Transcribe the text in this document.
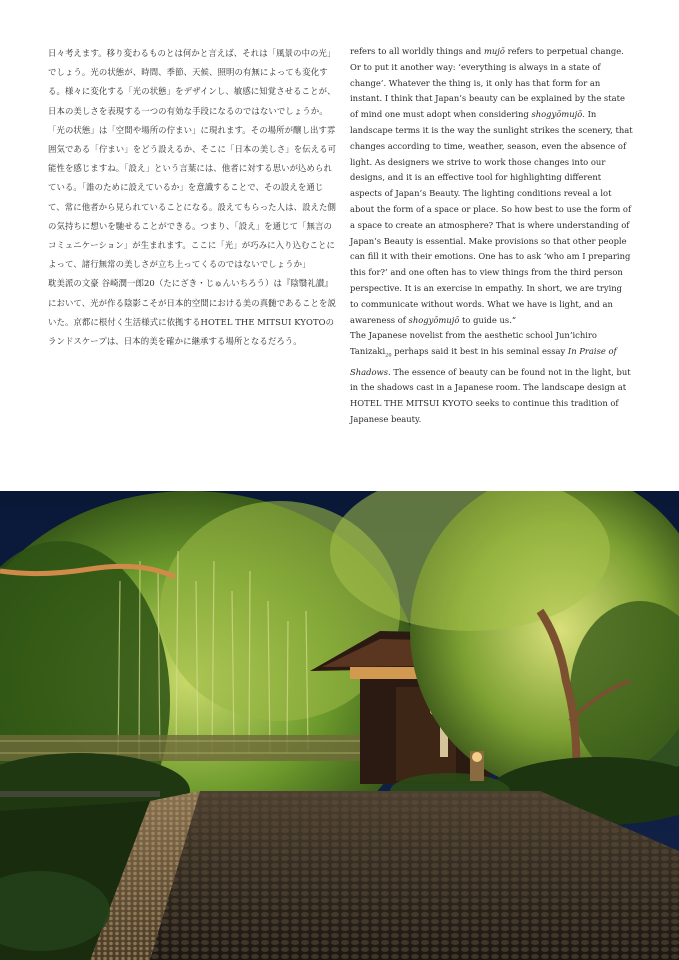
日々考えます。移り変わるものとは何かと言えば、それは「風景の中の光」でしょう。光の状態が、時間、季節、天候、照明の有無によっても変化する。様々に変化する「光の状態」をデザインし、敏感に知覚させることが、日本の美しさを表現する一つの有効な手段になるのではないでしょうか。「光の状態」は「空間や場所の佇まい」に現れます。その場所が醸し出す雰囲気である「佇まい」をどう設えるか、そこに「日本の美しさ」を伝える可能性を感じますね。「設え」という言葉には、他者に対する思いが込められている。「誰のために設えているか」を意識することで、その設えを通じて、常に他者から見られていることになる。設えてもらった人は、設えた側の気持ちに想いを馳せることができる。つまり、「設え」を通じて「無言のコミュニケーション」が生まれます。ここに「光」が巧みに入り込むことによって、諸行無常の美しさが立ち上ってくるのではないでしょうか」

耽美派の文豪 谷崎潤一郎20（たにざき・じゅんいちろう）は『陰翳礼讃』において、光が作る陰影こそが日本的空間における美の真髄であることを説いた。京都に根付く生活様式に依拠するHOTEL THE MITSUI KYOTOのランドスケープは、日本的美を確かに継承する場所となるだろう。

refers to all worldly things and mujō refers to perpetual change. Or to put it another way: ‘everything is always in a state of change’. Whatever the thing is, it only has that form for an instant. I think that Japan’s beauty can be explained by the state of mind one must adopt when considering shogyōmujō. In landscape terms it is the way the sunlight strikes the scenery, that changes according to time, weather, season, even the absence of light. As designers we strive to work those changes into our designs, and it is an effective tool for highlighting different aspects of Japan’s Beauty. The lighting conditions reveal a lot about the form of a space or place. So how best to use the form of a space to create an atmosphere? That is where understanding of Japan’s Beauty is essential. Make provisions so that other people can fill it with their emotions. One has to ask ‘who am I preparing this for?’ and one often has to view things from the third person perspective. It is an exercise in empathy. In short, we are trying to communicate without words. What we have is light, and an awareness of shogyōmujō to guide us.”

The Japanese novelist from the aesthetic school Jun’ichiro Tanizaki$_{20}$ perhaps said it best in his seminal essay In Praise of Shadows. The essence of beauty can be found not in the light, but in the shadows cast in a Japanese room. The landscape design at HOTEL THE MITSUI KYOTO seeks to continue this tradition of Japanese beauty.
